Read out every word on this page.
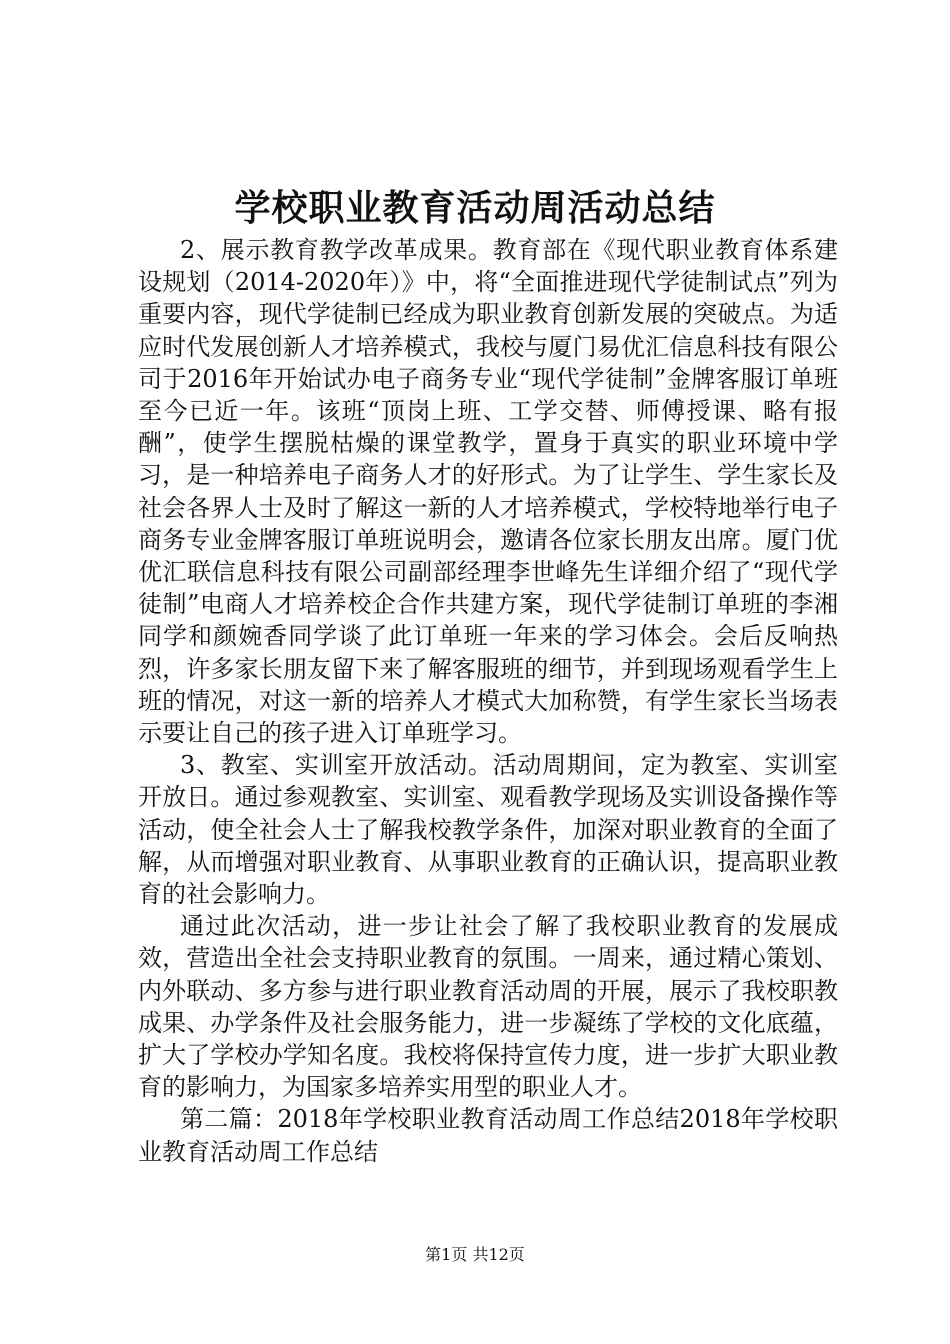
学校职业教育活动周活动总结

2、展示教育教学改革成果。教育部在《现代职业教育体系建设规划（2014-2020年）》中，将“全面推进现代学徒制试点”列为重要内容，现代学徒制已经成为职业教育创新发展的突破点。为适应时代发展创新人才培养模式，我校与厦门易优汇信息科技有限公司于2016年开始试办电子商务专业“现代学徒制”金牌客服订单班至今已近一年。该班“顶岗上班、工学交替、师傅授课、略有报酬”，使学生摆脱枯燥的课堂教学，置身于真实的职业环境中学习，是一种培养电子商务人才的好形式。为了让学生、学生家长及社会各界人士及时了解这一新的人才培养模式，学校特地举行电子商务专业金牌客服订单班说明会，邀请各位家长朋友出席。厦门优优汇联信息科技有限公司副部经理李世峰先生详细介绍了“现代学徒制”电商人才培养校企合作共建方案，现代学徒制订单班的李湘同学和颜婉香同学谈了此订单班一年来的学习体会。会后反响热烈，许多家长朋友留下来了解客服班的细节，并到现场观看学生上班的情况，对这一新的培养人才模式大加称赞，有学生家长当场表示要让自己的孩子进入订单班学习。

3、教室、实训室开放活动。活动周期间，定为教室、实训室开放日。通过参观教室、实训室、观看教学现场及实训设备操作等活动，使全社会人士了解我校教学条件，加深对职业教育的全面了解，从而增强对职业教育、从事职业教育的正确认识，提高职业教育的社会影响力。

通过此次活动，进一步让社会了解了我校职业教育的发展成效，营造出全社会支持职业教育的氛围。一周来，通过精心策划、内外联动、多方参与进行职业教育活动周的开展，展示了我校职教成果、办学条件及社会服务能力，进一步凝练了学校的文化底蕴，扩大了学校办学知名度。我校将保持宣传力度，进一步扩大职业教育的影响力，为国家多培养实用型的职业人才。

第二篇：2018年学校职业教育活动周工作总结2018年学校职业教育活动周工作总结

第1页 共12页
